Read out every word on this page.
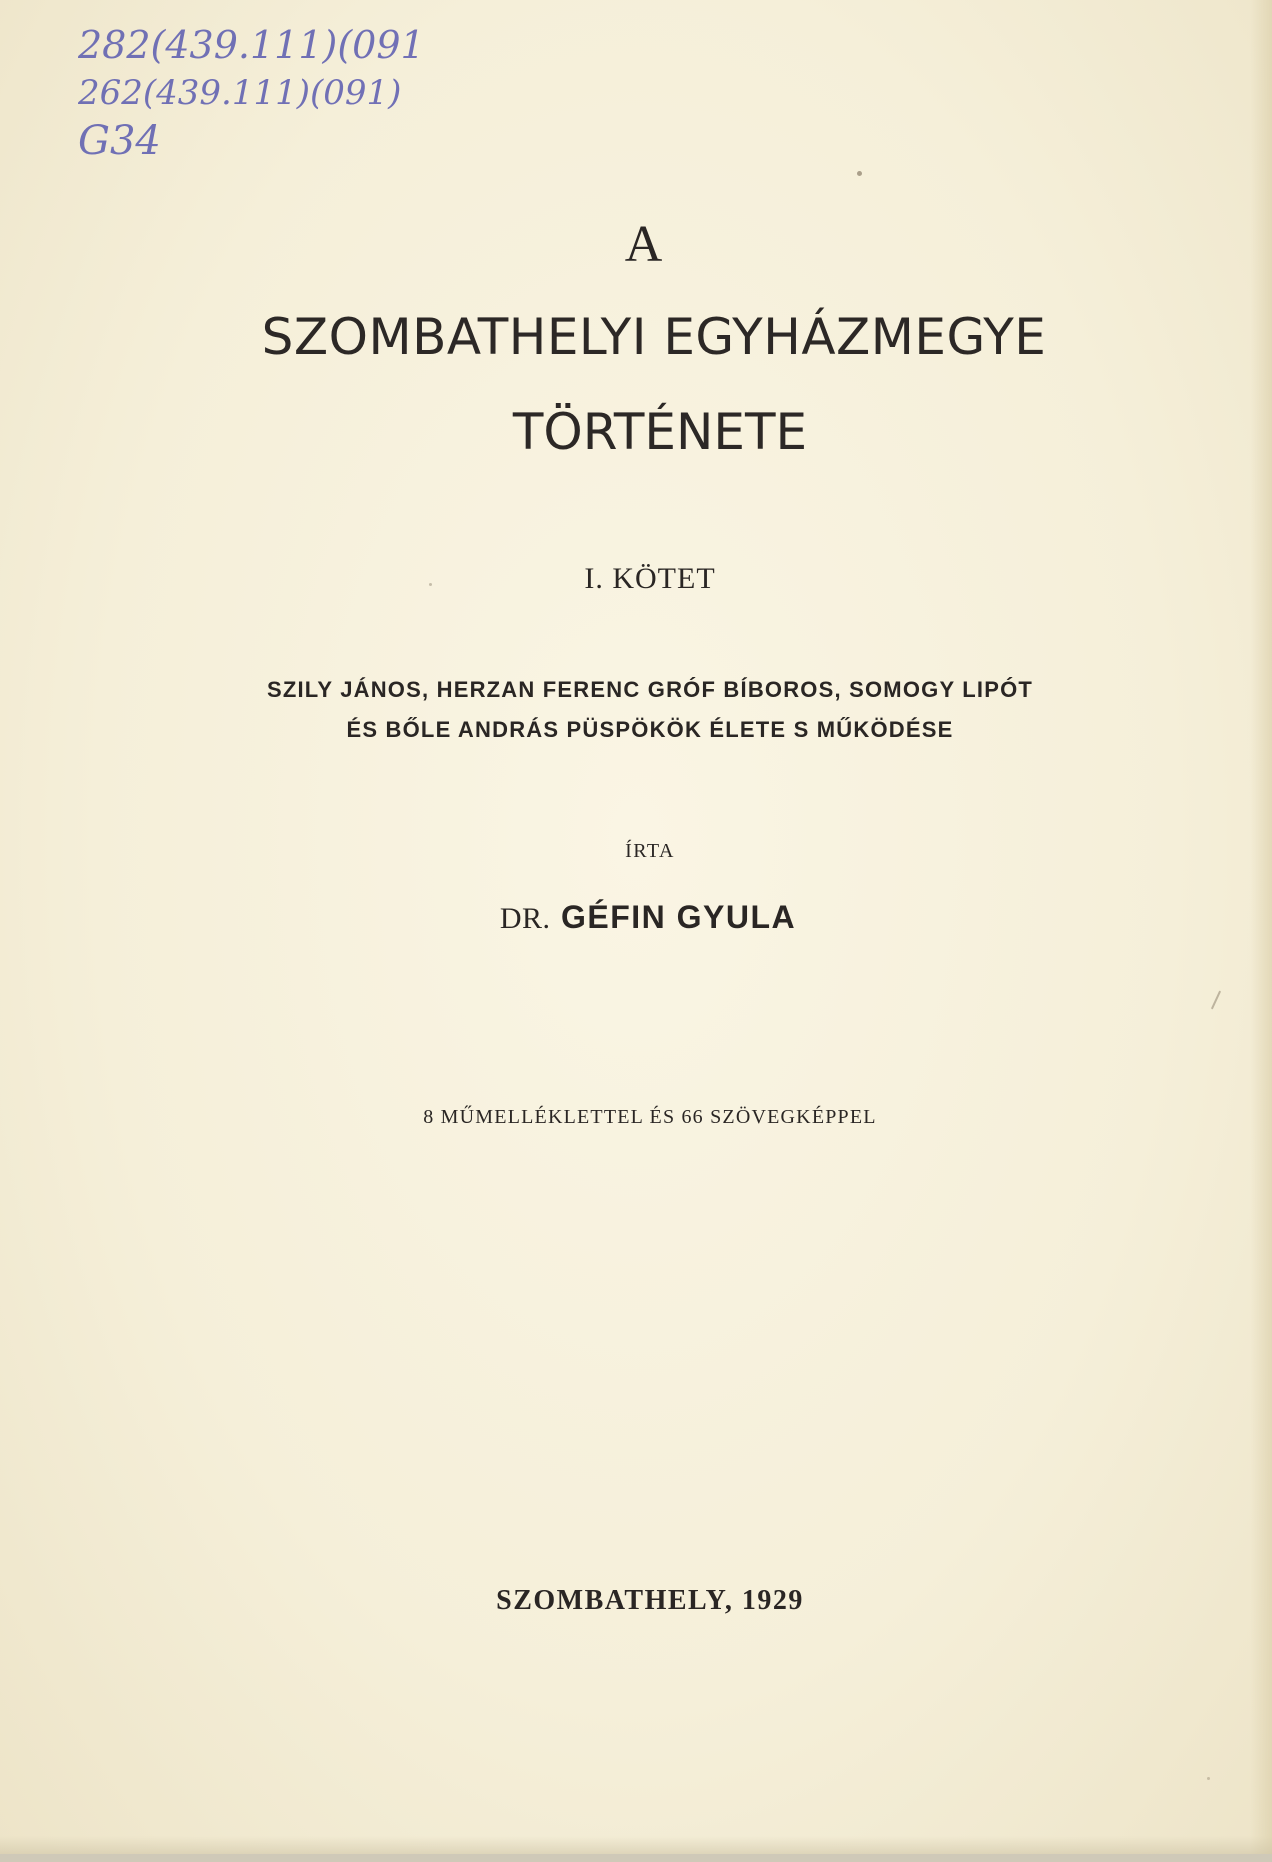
282(439.111)(091)
262(439.111)(091)
G34
A
SZOMBATHELYI EGYHÁZMEGYE
TÖRTÉNETE
I. KÖTET
SZILY JÁNOS, HERZAN FERENC GRÓF BÍBOROS, SOMOGY LIPÓT
ÉS BŐLE ANDRÁS PÜSPÖKÖK ÉLETE S MŰKÖDÉSE
ÍRTA
DR. GÉFIN GYULA
8 MŰMELLÉKLETTEL ÉS 66 SZÖVEGKÉPPEL
SZOMBATHELY, 1929
